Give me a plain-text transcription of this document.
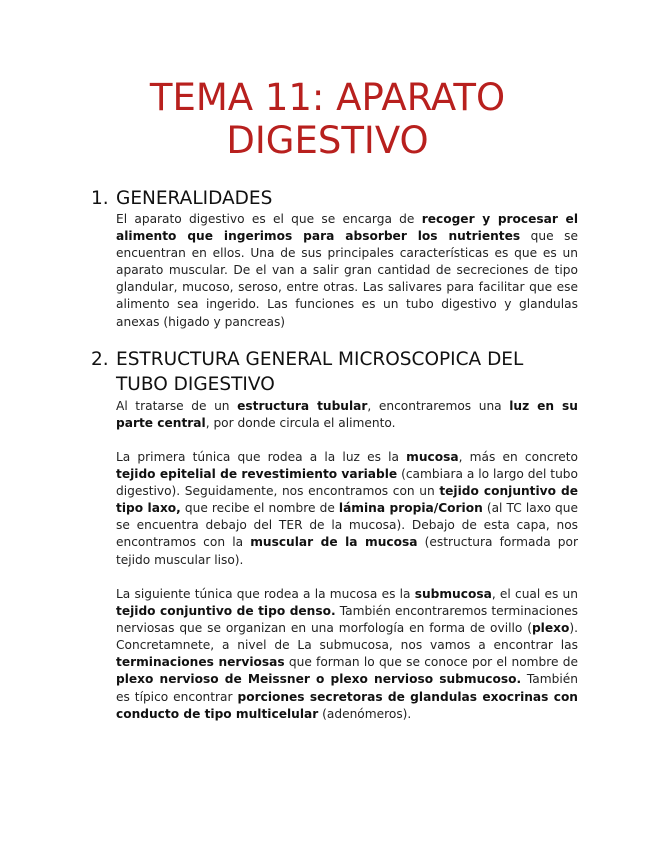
TEMA 11: APARATO
DIGESTIVO
1. GENERALIDADES

El aparato digestivo es el que se encarga de recoger y procesar el alimento que ingerimos para absorber los nutrientes que se encuentran en ellos. Una de sus principales características es que es un aparato muscular. De el van a salir gran cantidad de secreciones de tipo glandular, mucoso, seroso, entre otras. Las salivares para facilitar que ese alimento sea ingerido. Las funciones es un tubo digestivo y glandulas anexas (higado y pancreas)

2. ESTRUCTURA GENERAL MICROSCOPICA DEL TUBO DIGESTIVO

Al tratarse de un estructura tubular, encontraremos una luz en su parte central, por donde circula el alimento.

La primera túnica que rodea a la luz es la mucosa, más en concreto tejido epitelial de revestimiento variable (cambiara a lo largo del tubo digestivo). Seguidamente, nos encontramos con un tejido conjuntivo de tipo laxo, que recibe el nombre de lámina propia/Corion (al TC laxo que se encuentra debajo del TER de la mucosa). Debajo de esta capa, nos encontramos con la muscular de la mucosa (estructura formada por tejido muscular liso).

La siguiente túnica que rodea a la mucosa es la submucosa, el cual es un tejido conjuntivo de tipo denso. También encontraremos terminaciones nerviosas que se organizan en una morfología en forma de ovillo (plexo). Concretamnete, a nivel de La submucosa, nos vamos a encontrar las terminaciones nerviosas que forman lo que se conoce por el nombre de plexo nervioso de Meissner o plexo nervioso submucoso. También es típico encontrar porciones secretoras de glandulas exocrinas con conducto de tipo multicelular (adenómeros).
